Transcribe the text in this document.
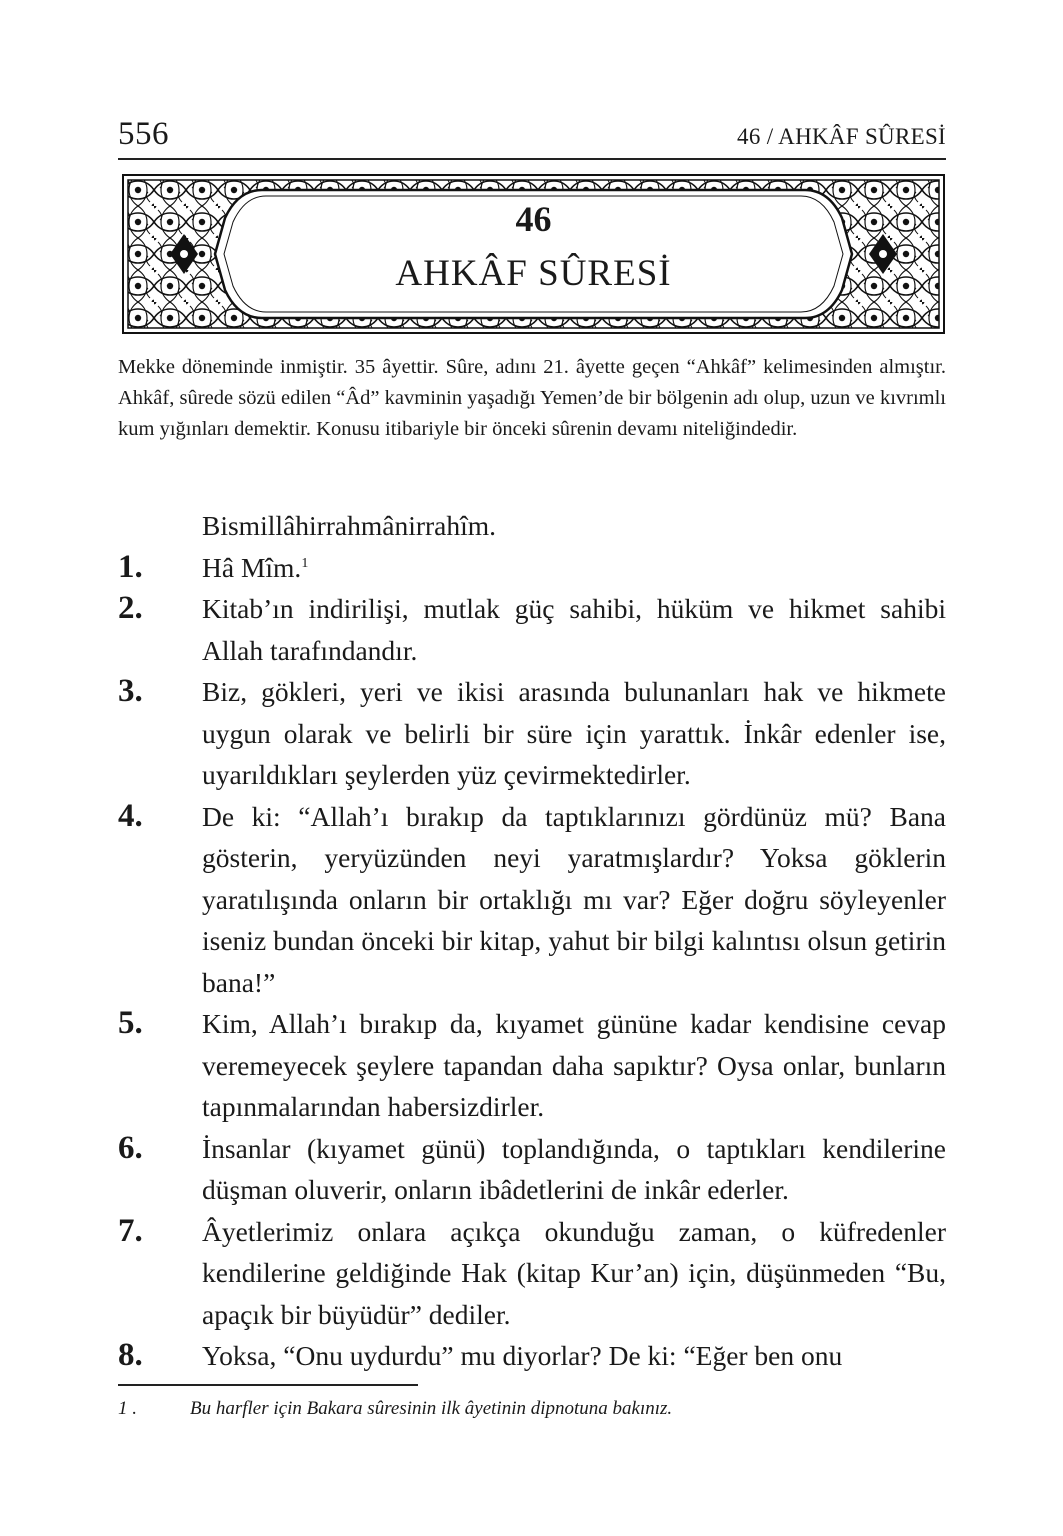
556	46 / AHKÂF SÛRESİ
46
AHKÂF SÛRESİ
Mekke döneminde inmiştir. 35 âyettir. Sûre, adını 21. âyette geçen “Ahkâf” kelimesinden almıştır. Ahkâf, sûrede sözü edilen “Âd” kavminin yaşadığı Yemen’de bir bölgenin adı olup, uzun ve kıvrımlı kum yığınları demektir. Konusu itibariyle bir önceki sûrenin devamı niteliğindedir.
Bismillâhirrahmânirrahîm.
1. Hâ Mîm.$^1$
2. Kitab’ın indirilişi, mutlak güç sahibi, hüküm ve hikmet sahibi Allah tarafındandır.
3. Biz, gökleri, yeri ve ikisi arasında bulunanları hak ve hikmete uygun olarak ve belirli bir süre için yarattık. İnkâr edenler ise, uyarıldıkları şeylerden yüz çevirmektedirler.
4. De ki: “Allah’ı bırakıp da taptıklarınızı gördünüz mü? Bana gösterin, yeryüzünden neyi yaratmışlardır? Yoksa göklerin yaratılışında onların bir ortaklığı mı var? Eğer doğru söyleyenler iseniz bundan önceki bir kitap, yahut bir bilgi kalıntısı olsun getirin bana!”
5. Kim, Allah’ı bırakıp da, kıyamet gününe kadar kendisine cevap veremeyecek şeylere tapandan daha sapıktır? Oysa onlar, bunların tapınmalarından habersizdirler.
6. İnsanlar (kıyamet günü) toplandığında, o taptıkları kendilerine düşman oluverir, onların ibâdetlerini de inkâr ederler.
7. Âyetlerimiz onlara açıkça okunduğu zaman, o küfredenler kendilerine geldiğinde Hak (kitap Kur’an) için, düşünmeden “Bu, apaçık bir büyüdür” dediler.
8. Yoksa, “Onu uydurdu” mu diyorlar? De ki: “Eğer ben onu
1 .	Bu harfler için Bakara sûresinin ilk âyetinin dipnotuna bakınız.
